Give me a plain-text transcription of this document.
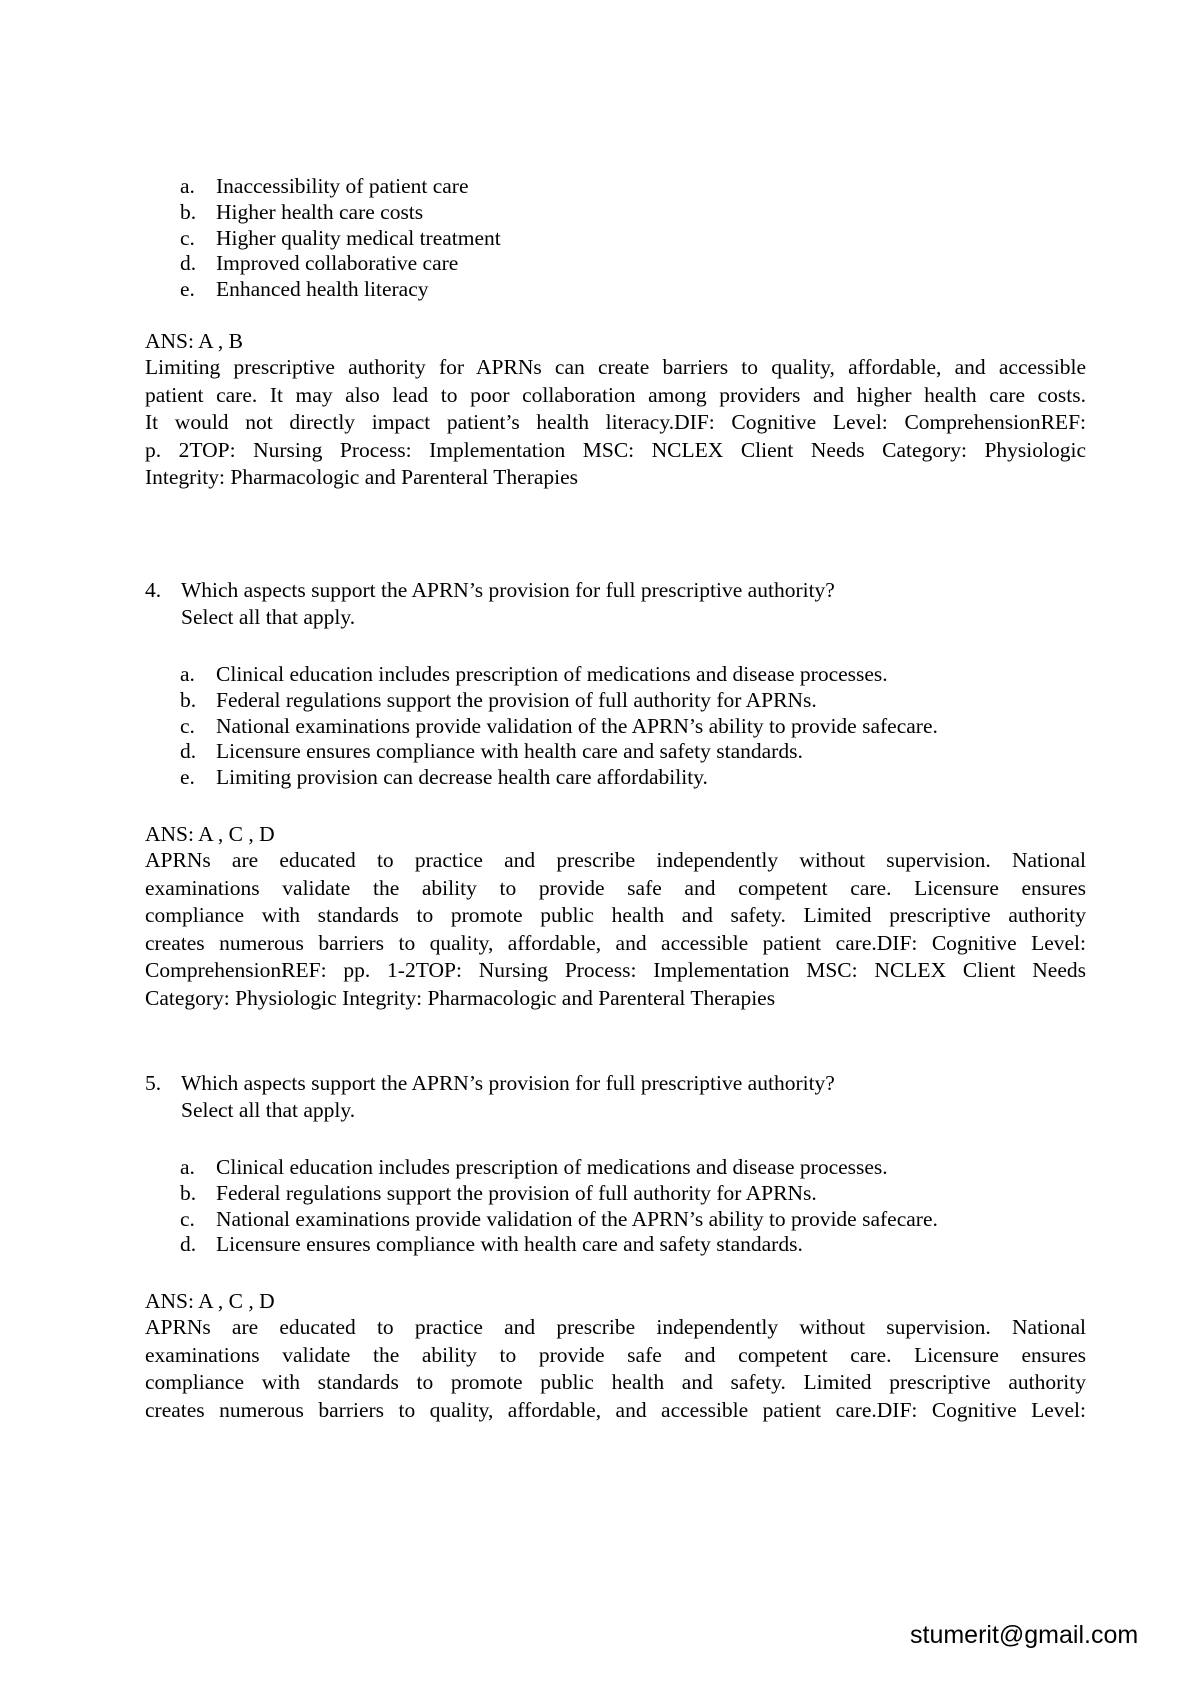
a. Inaccessibility of patient care
b. Higher health care costs
c. Higher quality medical treatment
d. Improved collaborative care
e. Enhanced health literacy
ANS: A , B
Limiting prescriptive authority for APRNs can create barriers to quality, affordable, and accessible
patient care. It may also lead to poor collaboration among providers and higher health care costs.
It would not directly impact patient’s health literacy.DIF: Cognitive Level: ComprehensionREF:
p. 2TOP: Nursing Process: Implementation MSC: NCLEX Client Needs Category: Physiologic
Integrity: Pharmacologic and Parenteral Therapies
4. Which aspects support the APRN’s provision for full prescriptive authority?
Select all that apply.
a. Clinical education includes prescription of medications and disease processes.
b. Federal regulations support the provision of full authority for APRNs.
c. National examinations provide validation of the APRN’s ability to provide safecare.
d. Licensure ensures compliance with health care and safety standards.
e. Limiting provision can decrease health care affordability.
ANS: A , C , D
APRNs are educated to practice and prescribe independently without supervision. National
examinations validate the ability to provide safe and competent care. Licensure ensures
compliance with standards to promote public health and safety. Limited prescriptive authority
creates numerous barriers to quality, affordable, and accessible patient care.DIF: Cognitive Level:
ComprehensionREF: pp. 1-2TOP: Nursing Process: Implementation MSC: NCLEX Client Needs
Category: Physiologic Integrity: Pharmacologic and Parenteral Therapies
5. Which aspects support the APRN’s provision for full prescriptive authority?
Select all that apply.
a. Clinical education includes prescription of medications and disease processes.
b. Federal regulations support the provision of full authority for APRNs.
c. National examinations provide validation of the APRN’s ability to provide safecare.
d. Licensure ensures compliance with health care and safety standards.
ANS: A , C , D
APRNs are educated to practice and prescribe independently without supervision. National
examinations validate the ability to provide safe and competent care. Licensure ensures
compliance with standards to promote public health and safety. Limited prescriptive authority
creates numerous barriers to quality, affordable, and accessible patient care.DIF: Cognitive Level:
stumerit@gmail.com
